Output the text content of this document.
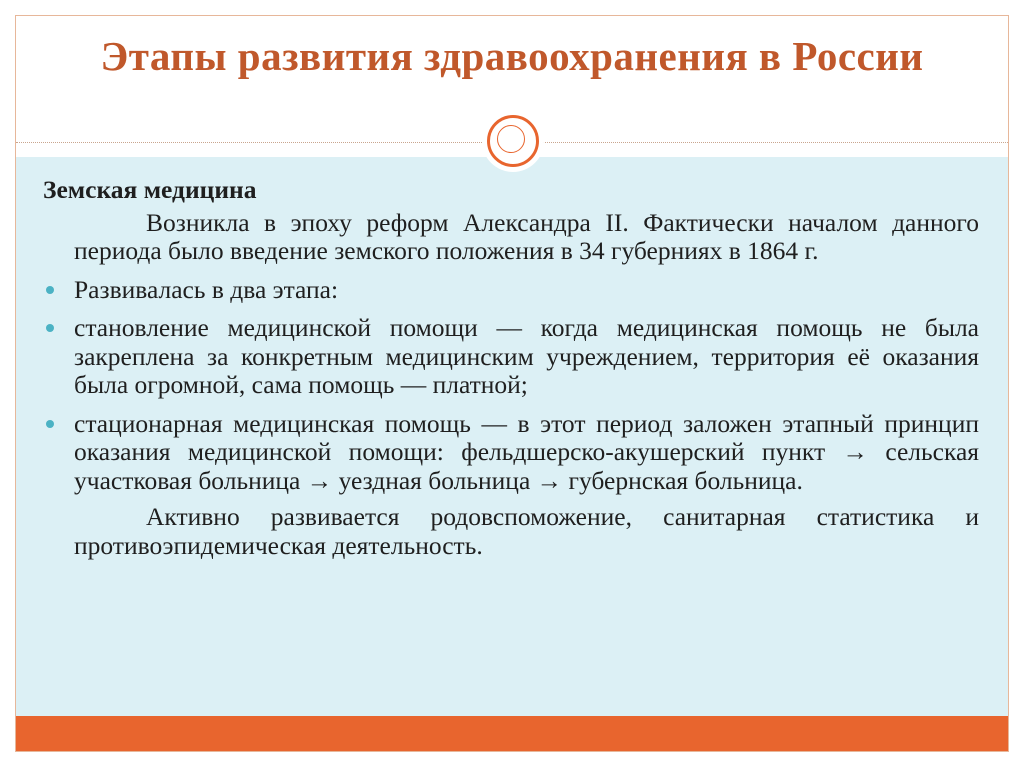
Этапы развития здравоохранения в России
Земская медицина
Возникла в эпоху реформ Александра II. Фактически началом данного периода было введение земского положения в 34 губерниях в 1864 г.
Развивалась в два этапа:
становление медицинской помощи — когда медицинская помощь не была закреплена за конкретным медицинским учреждением, территория её оказания была огромной, сама помощь — платной;
стационарная медицинская помощь — в этот период заложен этапный принцип оказания медицинской помощи: фельдшерско-акушерский пункт → сельская участковая больница → уездная больница → губернская больница.
Активно развивается родовспоможение, санитарная статистика и противоэпидемическая деятельность.
